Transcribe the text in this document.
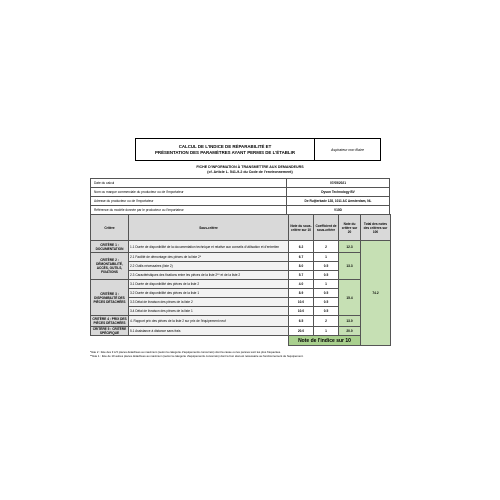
CALCUL DE L'INDICE DE RÉPARABILITÉ ET
PRÉSENTATION DES PARAMÈTRES AYANT PERMIS DE L'ÉTABLIR	Aspirateur non filaire
FICHE D'INFORMATION À TRANSMETTRE AUX DEMANDEURS
(cf. Article L. 541-9-2 du Code de l'environnement)
Date du calcul	07/05/2021
Nom ou marque commerciale du producteur ou de l'importateur	Dyson Technology BV
Adresse du producteur ou de l'importateur	De Ruijterkade 128, 1011 AC Amsterdam, NL
Référence du modèle donnée par le producteur ou l'importateur	V10D
Critère	Sous-critère	Note du sous-critère sur 10	Coefficient de sous-critère	Note du critère sur 20	Total des notes des critères sur 100	
CRITÈRE 1 : DOCUMENTATION	1.1 Durée de disponibilité de la documentation technique et relative aux conseils d'utilisation et d'entretien	6.2	2	12.3	74.2	
CRITÈRE 2 : DÉMONTABILITÉ, ACCÈS, OUTILS, FIXATIONS	2.1 Facilité de démontage des pièces de la liste 2*	6.7	1	13.3		
	2.2 Outils nécessaires (liste 2)	8.0	0.5			
	2.3 Caractéristiques des fixations entre les pièces de la liste 2** et de la liste 2	5.7	0.5			
CRITÈRE 3 : DISPONIBILITÉ DES PIÈCES DÉTACHÉES	3.1 Durée de disponibilité des pièces de la liste 2	4.0	1	15.4		
	3.2 Durée de disponibilité des pièces de la liste 1	8.9	0.5			
	3.3 Délai de livraison des pièces de la liste 2	10.0	0.5			
	3.4 Délai de livraison des pièces de la liste 1	10.0	0.5			
CRITÈRE 4 : PRIX DES PIÈCES DÉTACHÉES	4. Rapport prix des pièces de la liste 2 sur prix de l'équipement neuf	6.5	2	13.0		
CRITÈRE 5 : CRITÈRE SPÉCIFIQUE	5.1 Assistance à distance sans frais	20.0	1	20.0		
		Note de l'indice sur 10	
*liste 2 : liste des 3 à 5 pièces détachées au maximum (selon la catégorie d'équipements concernés) dont la casse ou les pannes sont les plus fréquentes.
**liste 1 : liste de 10 autres pièces détachées au maximum (selon la catégorie d'équipements concernés) dont le bon état est nécessaire au fonctionnement de l'équipement.
